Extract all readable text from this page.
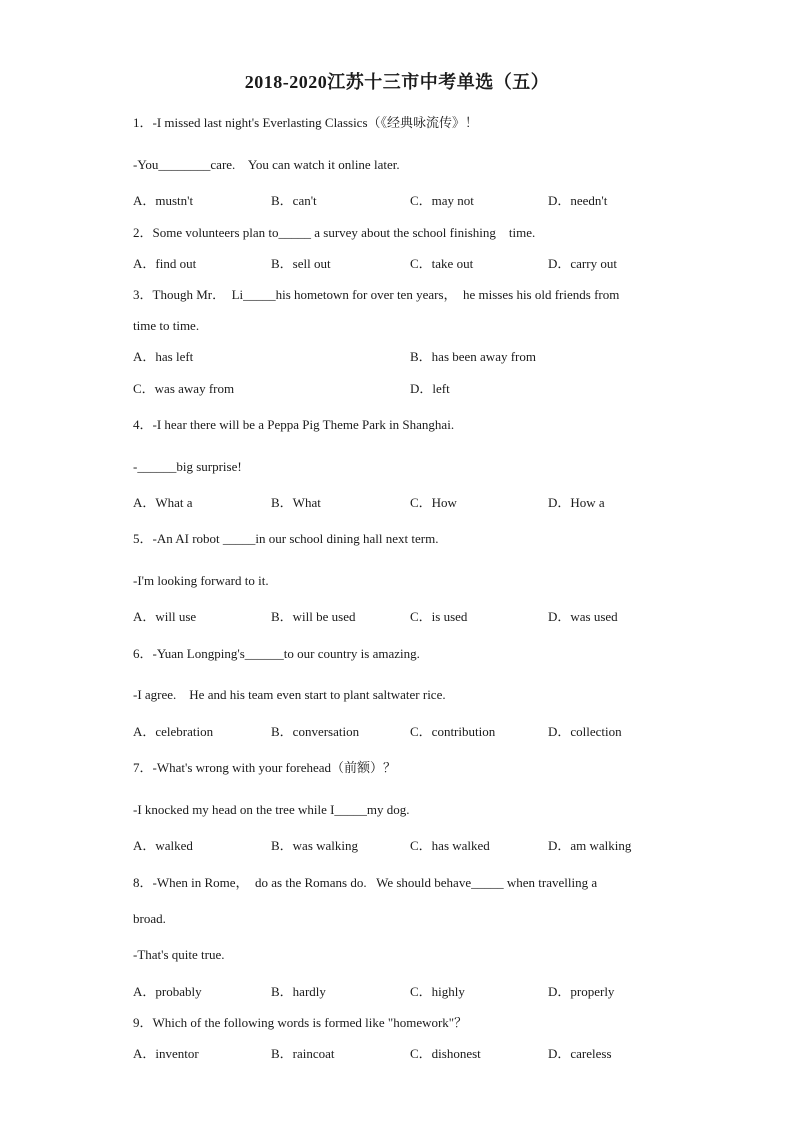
2018-2020江苏十三市中考单选（五）
1．-I missed last night's Everlasting Classics（《经典咏流传》！
-You________care.    You can watch it online later.
A．mustn't	B．can't	C．may not	D．needn't
2．Some volunteers plan to_____ a survey about the school finishing    time.
A．find out	B．sell out	C．take out	D．carry out
3．Though Mr．  Li_____his hometown for over ten years，  he misses his old friends from
time to time.
A．has left	B．has been away from
C．was away from	D．left
4．-I hear there will be a Peppa Pig Theme Park in Shanghai.
-______big surprise!
A．What a	B．What	C．How	D．How a
5．-An AI robot _____in our school dining hall next term.
-I'm looking forward to it.
A．will use	B．will be used	C．is used	D．was used
6．-Yuan Longping's______to our country is amazing.
-I agree.    He and his team even start to plant saltwater rice.
A．celebration	B．conversation	C．contribution	D．collection
7．-What's wrong with your forehead（前额）？
-I knocked my head on the tree while I_____my dog.
A．walked	B．was walking	C．has walked	D．am walking
8．-When in Rome，  do as the Romans do.   We should behave_____ when travelling a
broad.
-That's quite true.
A．probably	B．hardly	C．highly	D．properly
9．Which of the following words is formed like "homework"？
A．inventor	B．raincoat	C．dishonest	D．careless
